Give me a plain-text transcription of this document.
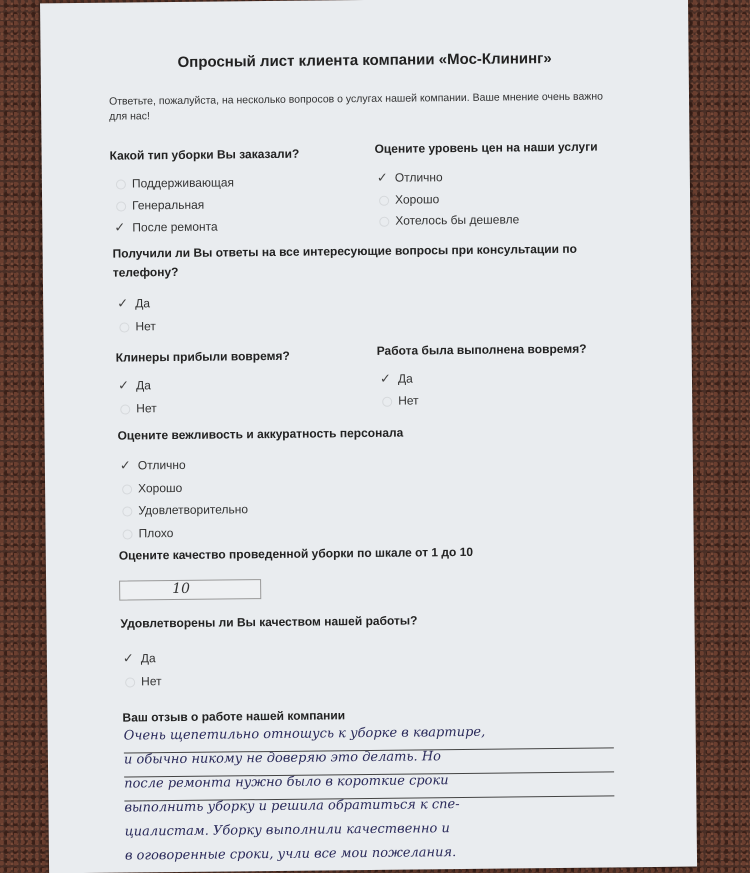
Опросный лист клиента компании «Мос-Клининг»
Ответьте, пожалуйста, на несколько вопросов о услугах нашей компании. Ваше мнение очень важно для нас!
Какой тип уборки Вы заказали?
Поддерживающая
Генеральная
✓ После ремонта
Оцените уровень цен на наши услуги
✓ Отлично
Хорошо
Хотелось бы дешевле
Получили ли Вы ответы на все интересующие вопросы при консультации по
телефону?
✓ Да
Нет
Клинеры прибыли вовремя?
✓ Да
Нет
Работа была выполнена вовремя?
✓ Да
Нет
Оцените вежливость и аккуратность персонала
✓ Отлично
Хорошо
Удовлетворительно
Плохо
Оцените качество проведенной уборки по шкале от 1 до 10
10
Удовлетворены ли Вы качеством нашей работы?
✓ Да
Нет
Ваш отзыв о работе нашей компании
Очень щепетильно отношусь к уборке в квартире,
и обычно никому не доверяю это делать. Но
после ремонта нужно было в короткие сроки
выполнить уборку и решила обратиться к спе-
циалистам. Уборку выполнили качественно и
в оговоренные сроки, учли все мои пожелания.
